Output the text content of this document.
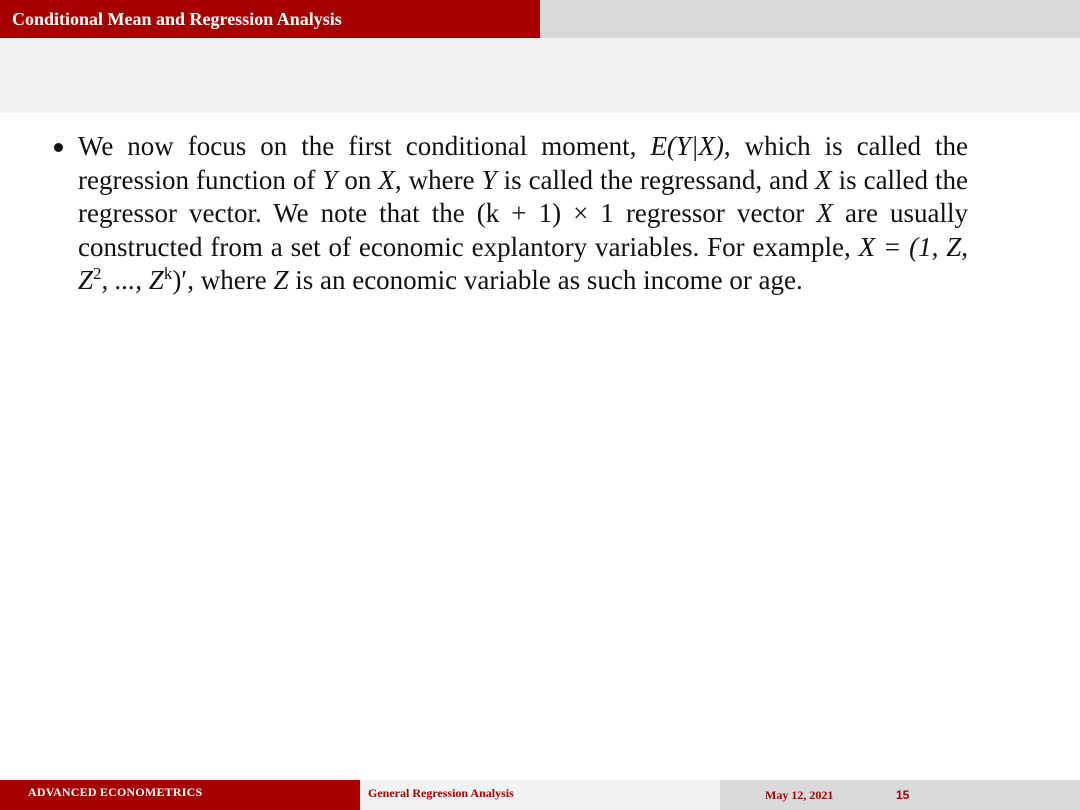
Conditional Mean and Regression Analysis
We now focus on the first conditional moment, E(Y|X), which is called the regression function of Y on X, where Y is called the regressand, and X is called the regressor vector. We note that the (k + 1) × 1 regressor vector X are usually constructed from a set of economic explantory variables. For example, X = (1, Z, $Z^2$, ..., $Z^k)'$, where Z is an economic variable as such income or age.
ADVANCED ECONOMETRICS	General Regression Analysis	May 12, 2021	15
